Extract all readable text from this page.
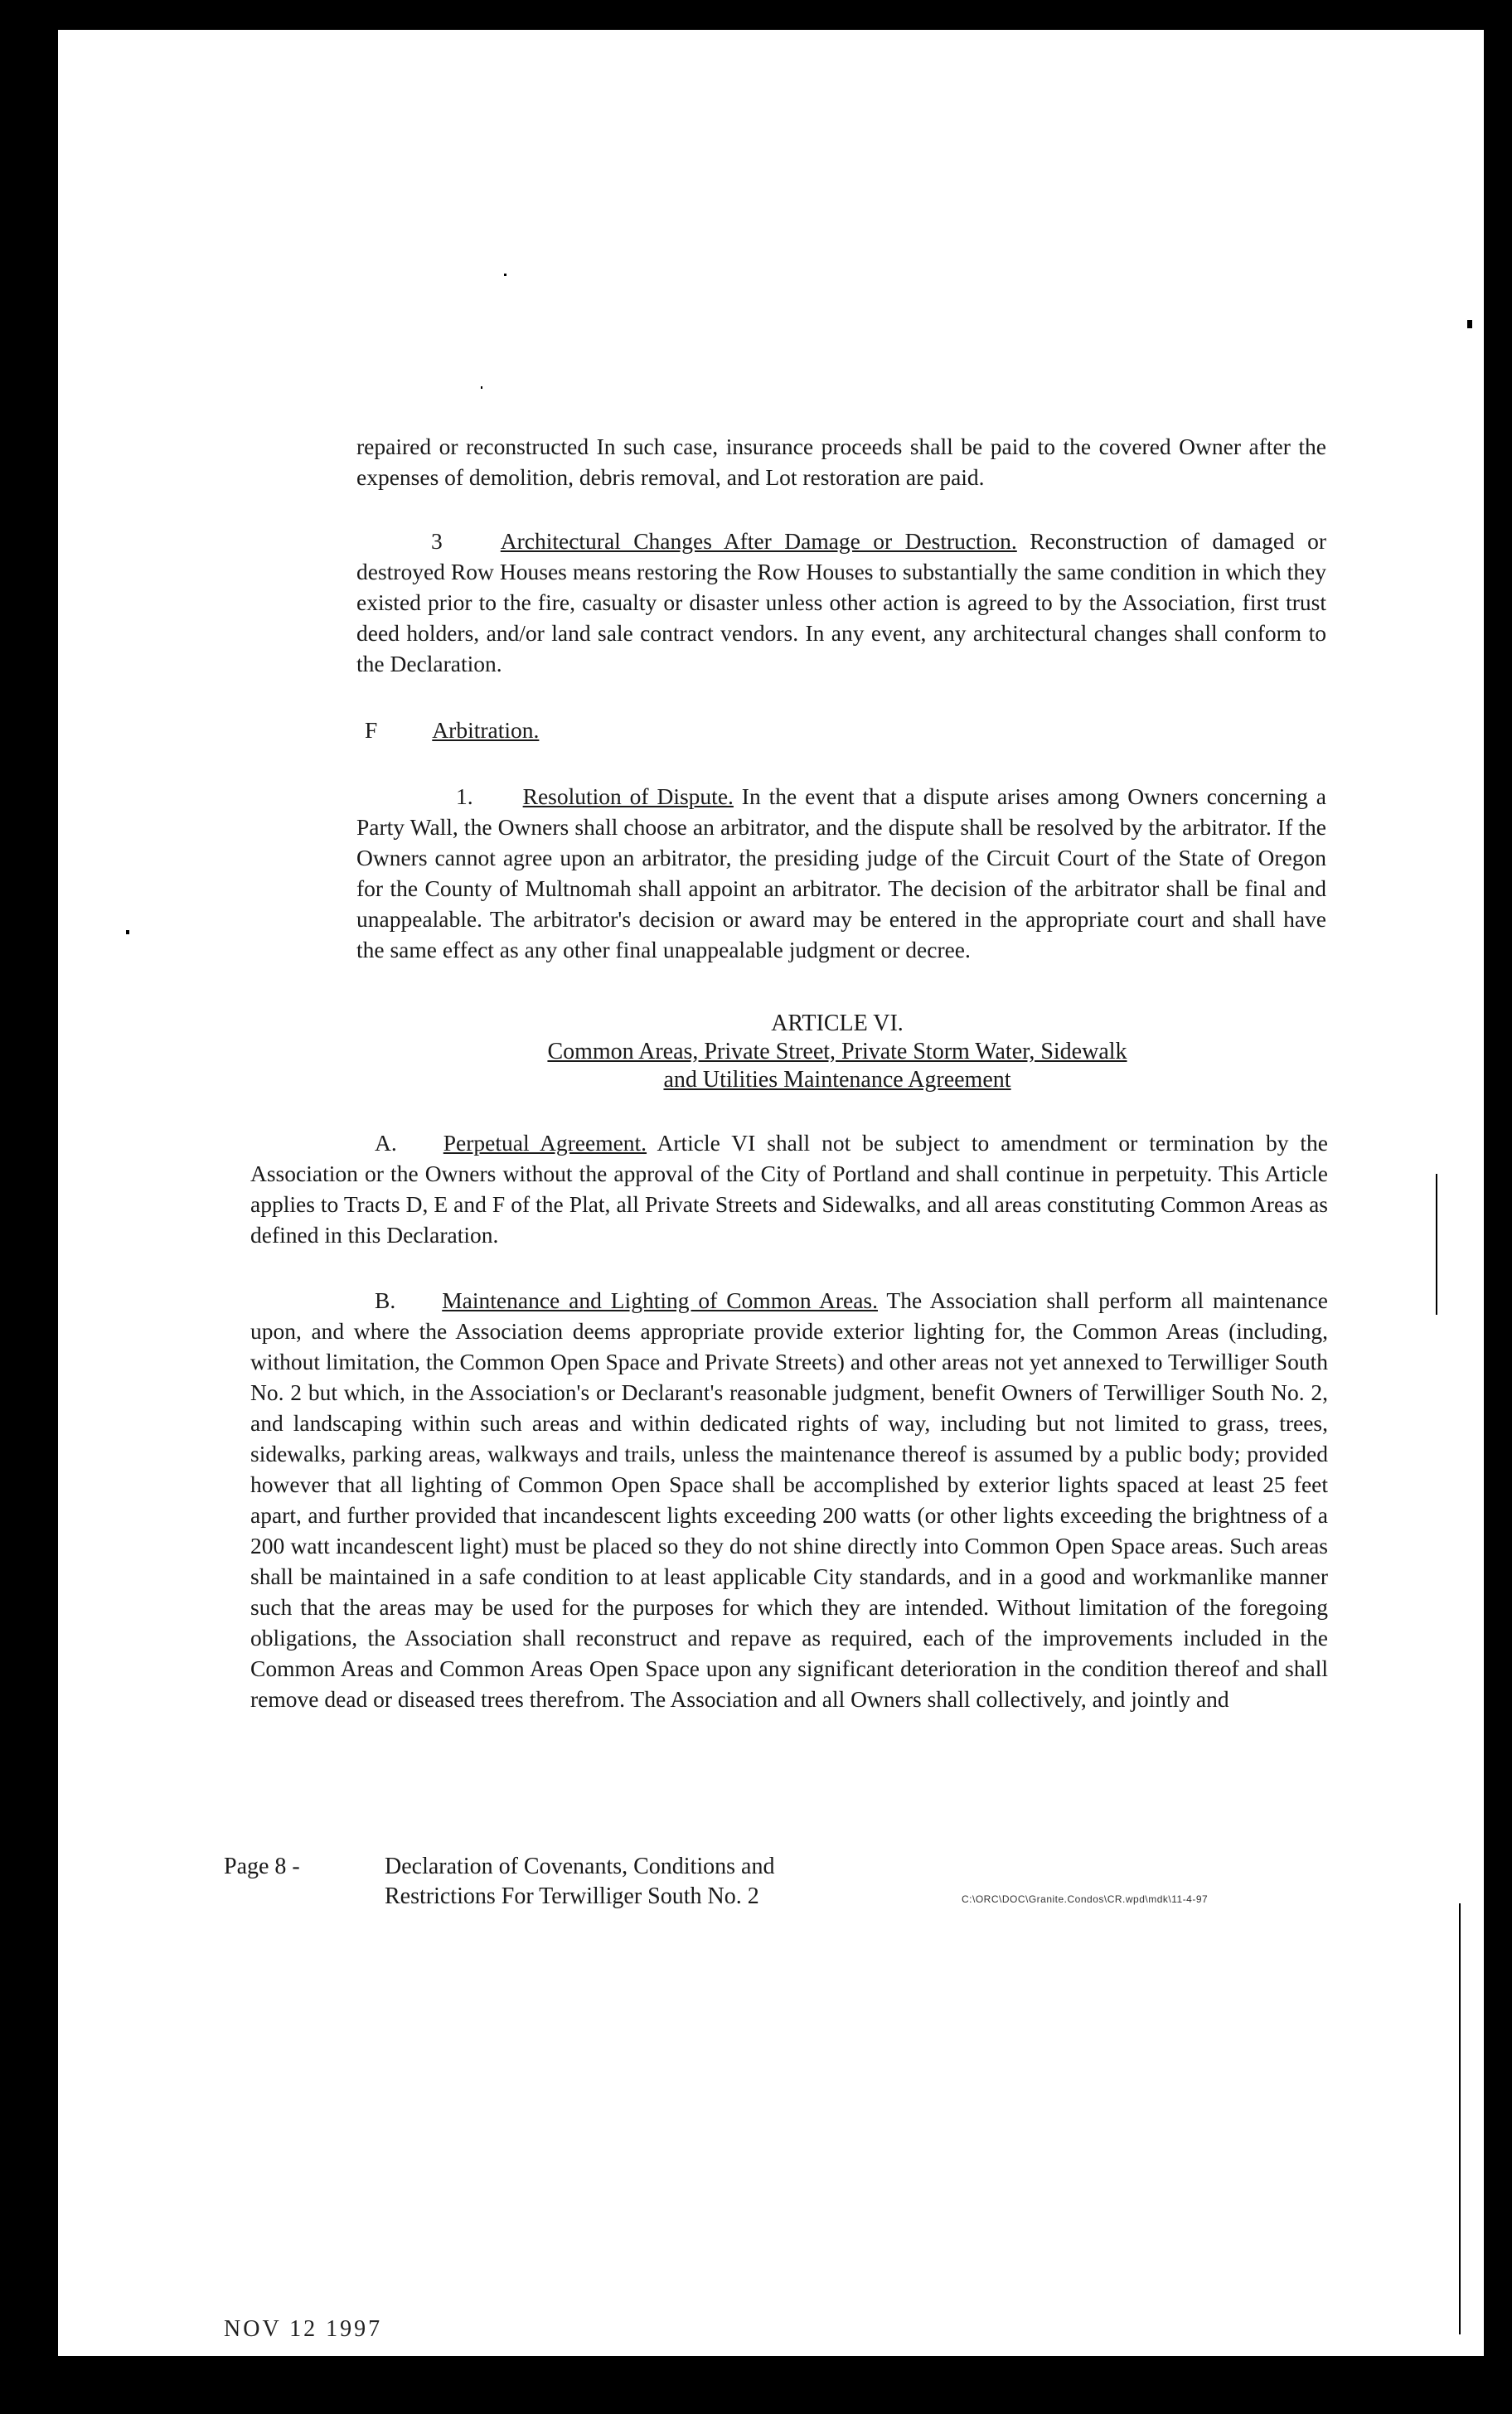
repaired or reconstructed In such case, insurance proceeds shall be paid to the covered Owner after the expenses of demolition, debris removal, and Lot restoration are paid.

3	Architectural Changes After Damage or Destruction. Reconstruction of damaged or destroyed Row Houses means restoring the Row Houses to substantially the same condition in which they existed prior to the fire, casualty or disaster unless other action is agreed to by the Association, first trust deed holders, and/or land sale contract vendors. In any event, any architectural changes shall conform to the Declaration.

F Arbitration.

1. Resolution of Dispute. In the event that a dispute arises among Owners concerning a Party Wall, the Owners shall choose an arbitrator, and the dispute shall be resolved by the arbitrator. If the Owners cannot agree upon an arbitrator, the presiding judge of the Circuit Court of the State of Oregon for the County of Multnomah shall appoint an arbitrator. The decision of the arbitrator shall be final and unappealable. The arbitrator's decision or award may be entered in the appropriate court and shall have the same effect as any other final unappealable judgment or decree.

ARTICLE VI.
Common Areas, Private Street, Private Storm Water, Sidewalk
and Utilities Maintenance Agreement

A. Perpetual Agreement. Article VI shall not be subject to amendment or termination by the Association or the Owners without the approval of the City of Portland and shall continue in perpetuity. This Article applies to Tracts D, E and F of the Plat, all Private Streets and Sidewalks, and all areas constituting Common Areas as defined in this Declaration.

B. Maintenance and Lighting of Common Areas. The Association shall perform all maintenance upon, and where the Association deems appropriate provide exterior lighting for, the Common Areas (including, without limitation, the Common Open Space and Private Streets) and other areas not yet annexed to Terwilliger South No. 2 but which, in the Association's or Declarant's reasonable judgment, benefit Owners of Terwilliger South No. 2, and landscaping within such areas and within dedicated rights of way, including but not limited to grass, trees, sidewalks, parking areas, walkways and trails, unless the maintenance thereof is assumed by a public body; provided however that all lighting of Common Open Space shall be accomplished by exterior lights spaced at least 25 feet apart, and further provided that incandescent lights exceeding 200 watts (or other lights exceeding the brightness of a 200 watt incandescent light) must be placed so they do not shine directly into Common Open Space areas. Such areas shall be maintained in a safe condition to at least applicable City standards, and in a good and workmanlike manner such that the areas may be used for the purposes for which they are intended. Without limitation of the foregoing obligations, the Association shall reconstruct and repave as required, each of the improvements included in the Common Areas and Common Areas Open Space upon any significant deterioration in the condition thereof and shall remove dead or diseased trees therefrom. The Association and all Owners shall collectively, and jointly and

Page 8 -	Declaration of Covenants, Conditions and
Restrictions For Terwilliger South No. 2	C:\ORC\DOC\Granite.Condos\CR.wpd\mdk\11-4-97
NOV 12 1997
